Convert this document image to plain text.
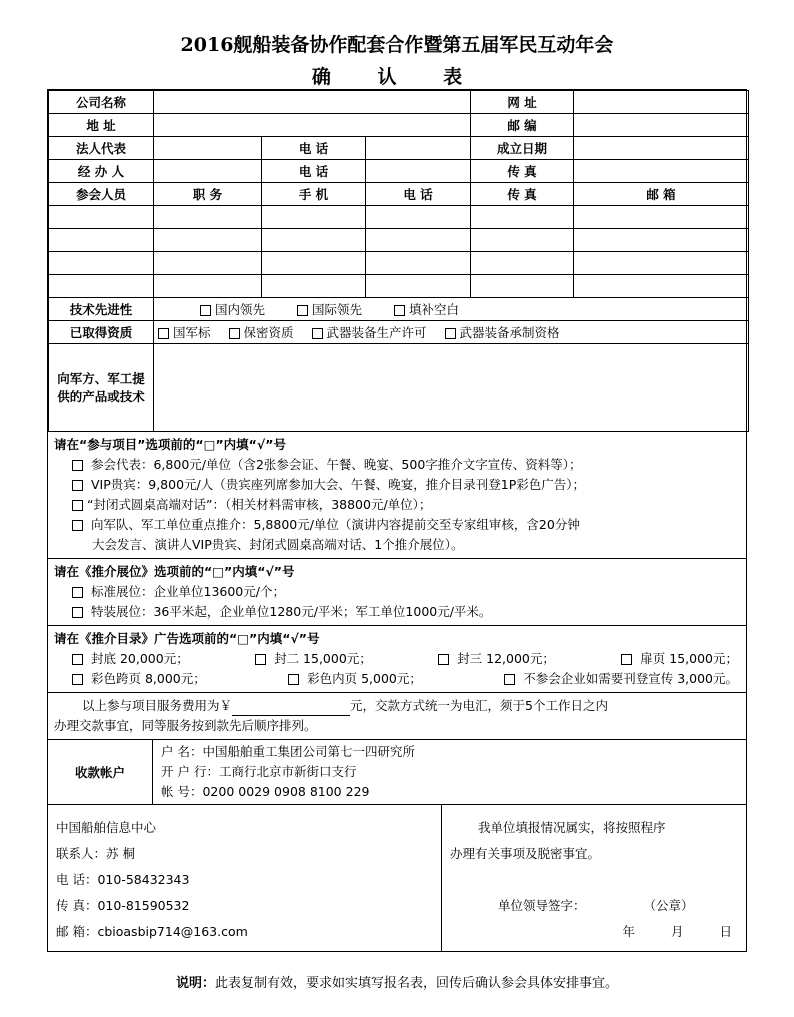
2016舰船装备协作配套合作暨第五届军民互动年会
确 认 表
公司名称				网 址	
地 址				邮 编	
法人代表		电 话		成立日期	
经 办 人		电 话		传 真	
参会人员	职 务	手 机	电 话	传 真	邮 箱

技术先进性	国内领先 国际领先 填补空白				
已取得资质	国军标 保密资质 武器装备生产许可 武器装备承制资格				
向军方、军工提供的产品或技术					
请在“参与项目”选项前的“□”内填“√”号
参会代表：6,800元/单位（含2张参会证、午餐、晚宴、500字推介文字宣传、资料等）；
VIP贵宾：9,800元/人（贵宾座列席参加大会、午餐、晚宴，推介目录刊登1P彩色广告）；
“封闭式圆桌高端对话”：（相关材料需审核，38800元/单位）；
向军队、军工单位重点推介：5,8800元/单位（演讲内容提前交至专家组审核，含20分钟
大会发言、演讲人VIP贵宾、封闭式圆桌高端对话、1个推介展位）。
请在《推介展位》选项前的“□”内填“√”号
标准展位：企业单位13600元/个；
特装展位：36平米起，企业单位1280元/平米；军工单位1000元/平米。
请在《推介目录》广告选项前的“□”内填“√”号
封底 20,000元；	封二 15,000元；	封三 12,000元；	扉页 15,000元；
彩色跨页 8,000元；	彩色内页 5,000元；	不参会企业如需要刊登宣传 3,000元。
以上参与项目服务费用为￥	元，交款方式统一为电汇，须于5个工作日之内
办理交款事宜，同等服务按到款先后顺序排列。
收款帐户
户 名：中国船舶重工集团公司第七一四研究所
开 户 行：工商行北京市新街口支行
帐 号：0200 0029 0908 8100 229
中国船舶信息中心
联系人：苏 桐
电 话：010-58432343
传 真：010-81590532
邮 箱：cbioasbip714@163.com
我单位填报情况属实，将按照程序
办理有关事项及脱密事宜。
单位领导签字：	（公章）
年	月	日
说明：此表复制有效，要求如实填写报名表，回传后确认参会具体安排事宜。
